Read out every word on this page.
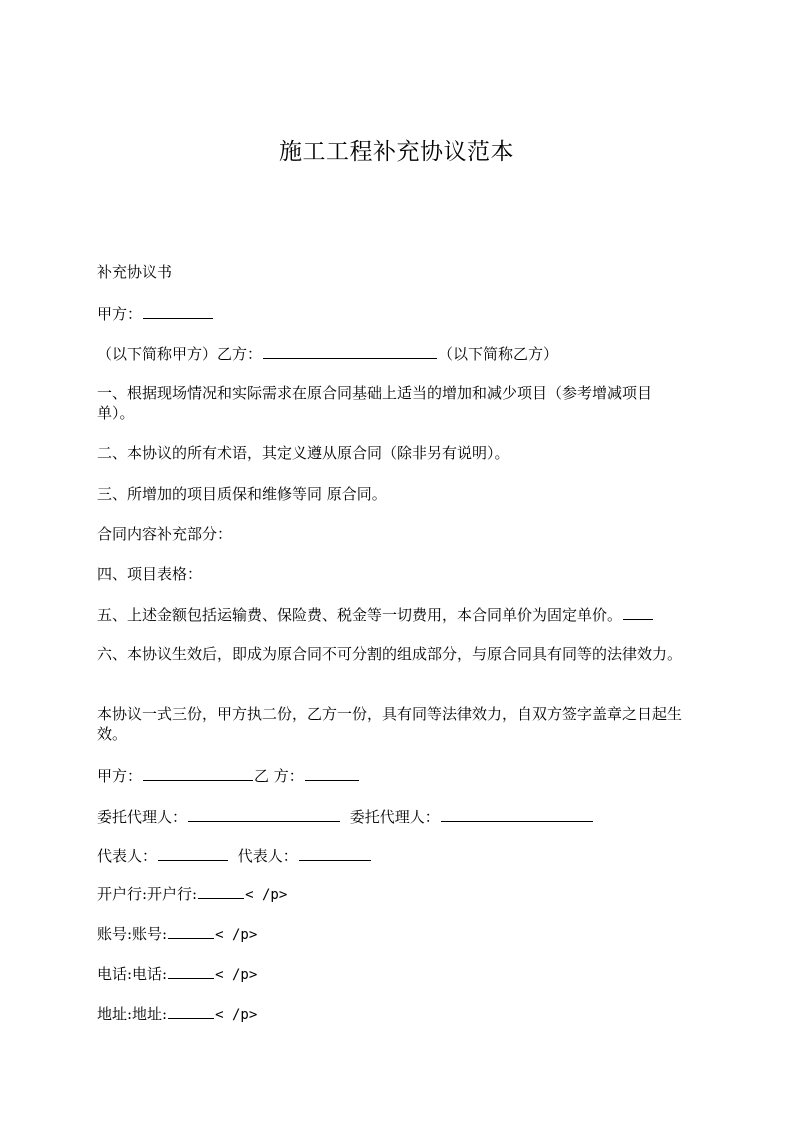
施工工程补充协议范本
补充协议书
甲方：
（以下简称甲方）乙方：	（以下简称乙方）
一、根据现场情况和实际需求在原合同基础上适当的增加和减少项目（参考增减项目单）。
二、本协议的所有术语，其定义遵从原合同（除非另有说明）。
三、所增加的项目质保和维修等同 原合同。
合同内容补充部分：
四、项目表格：
五、上述金额包括运输费、保险费、税金等一切费用，本合同单价为固定单价。
六、本协议生效后，即成为原合同不可分割的组成部分，与原合同具有同等的法律效力。
本协议一式三份，甲方执二份，乙方一份，具有同等法律效力，自双方签字盖章之日起生效。
甲方：	乙 方：
委托代理人：	委托代理人：
代表人：	代表人：
开户行:开户行:	< /p>
账号:账号:	< /p>
电话:电话:	< /p>
地址:地址:	< /p>
